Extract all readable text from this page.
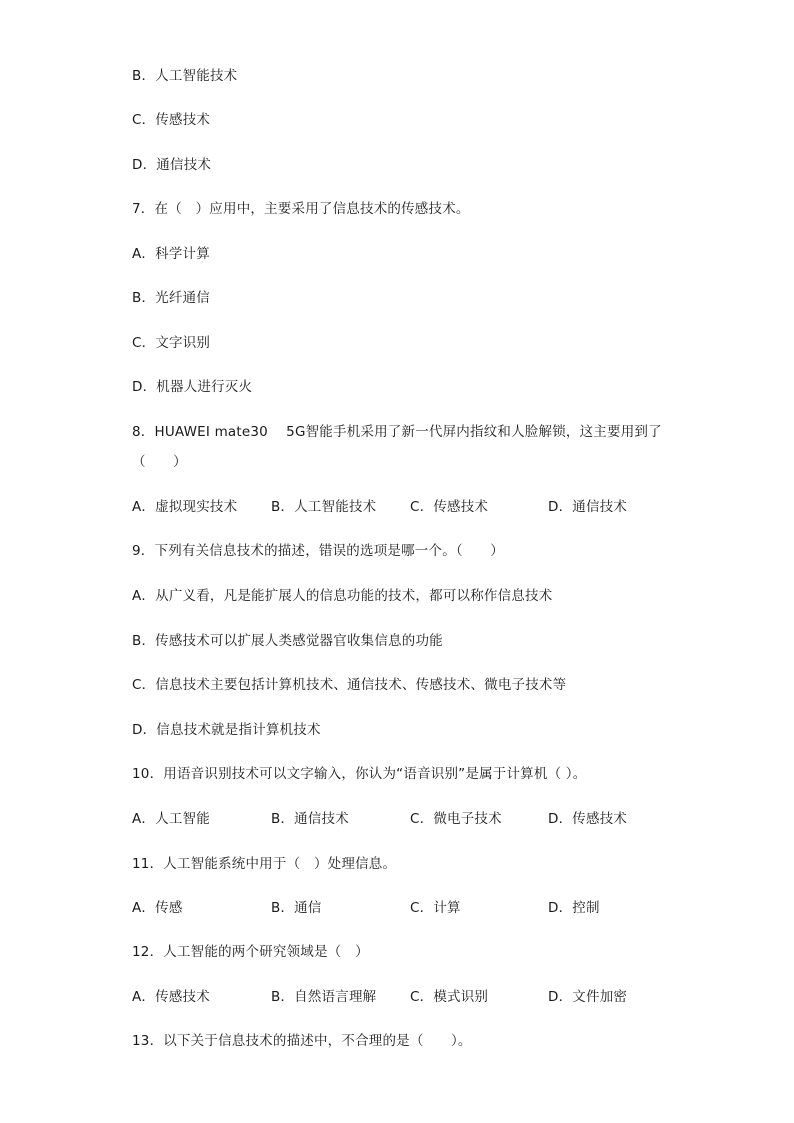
B．人工智能技术
C．传感技术
D．通信技术
7．在（　）应用中，主要采用了信息技术的传感技术。
A．科学计算
B．光纤通信
C．文字识别
D．机器人进行灭火
8．HUAWEI mate30　 5G智能手机采用了新一代屏内指纹和人脸解锁，这主要用到了
（　　）
A．虚拟现实技术 B．人工智能技术 C．传感技术	D．通信技术
9．下列有关信息技术的描述，错误的选项是哪一个。（　　）
A．从广义看，凡是能扩展人的信息功能的技术，都可以称作信息技术
B．传感技术可以扩展人类感觉器官收集信息的功能
C．信息技术主要包括计算机技术、通信技术、传感技术、微电子技术等
D．信息技术就是指计算机技术
10．用语音识别技术可以文字输入，你认为“语音识别”是属于计算机（ ）。
A．人工智能	B．通信技术	C．微电子技术	D．传感技术
11．人工智能系统中用于（　）处理信息。
A．传感	B．通信	C．计算	D．控制
12．人工智能的两个研究领域是（　）
A．传感技术	B．自然语言理解 C．模式识别	D．文件加密
13．以下关于信息技术的描述中，不合理的是（　　）。
